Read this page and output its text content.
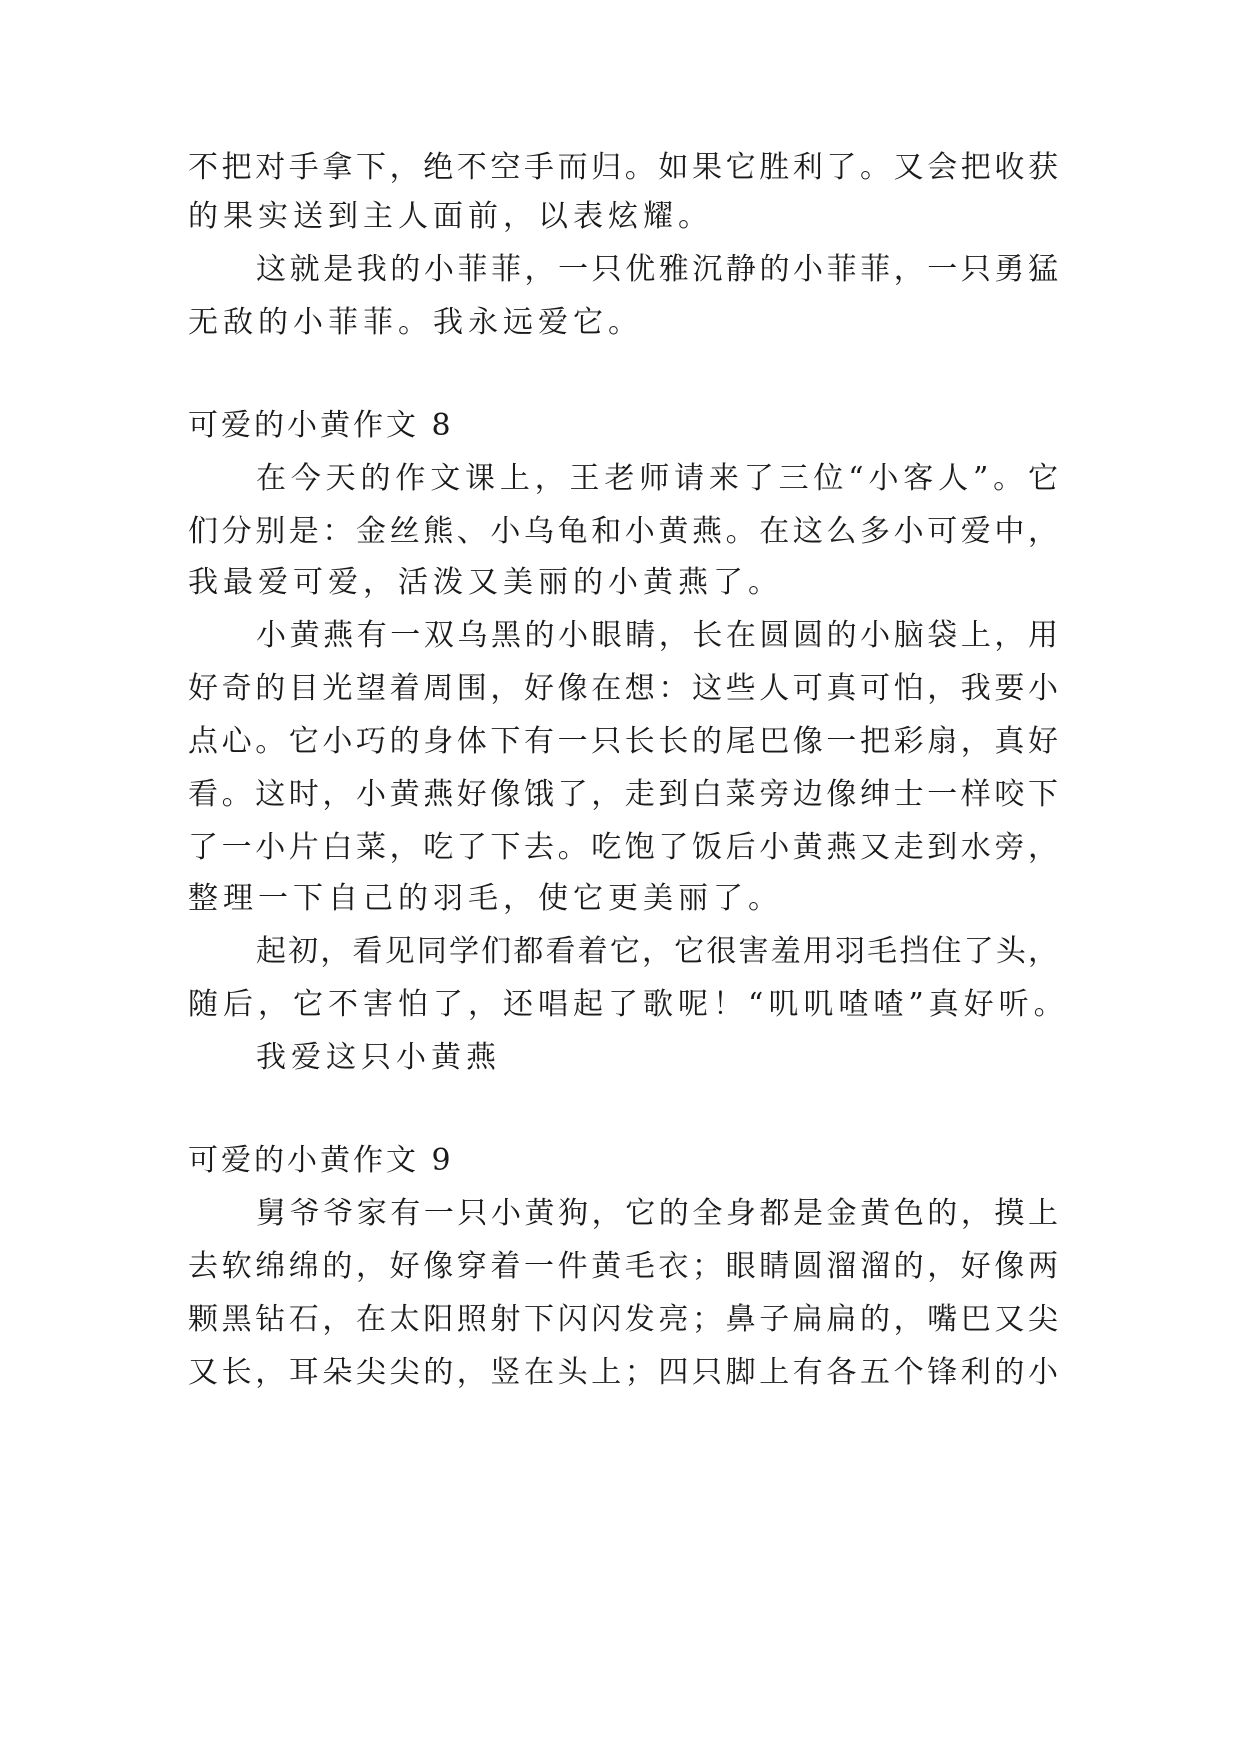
不把对手拿下，绝不空手而归。如果它胜利了。又会把收获
的果实送到主人面前，以表炫耀。
这就是我的小菲菲，一只优雅沉静的小菲菲，一只勇猛
无敌的小菲菲。我永远爱它。
可爱的小黄作文 8
在今天的作文课上，王老师请来了三位“小客人”。它
们分别是：金丝熊、小乌龟和小黄燕。在这么多小可爱中，
我最爱可爱，活泼又美丽的小黄燕了。
小黄燕有一双乌黑的小眼睛，长在圆圆的小脑袋上，用
好奇的目光望着周围，好像在想：这些人可真可怕，我要小
点心。它小巧的身体下有一只长长的尾巴像一把彩扇，真好
看。这时，小黄燕好像饿了，走到白菜旁边像绅士一样咬下
了一小片白菜，吃了下去。吃饱了饭后小黄燕又走到水旁，
整理一下自己的羽毛，使它更美丽了。
起初，看见同学们都看着它，它很害羞用羽毛挡住了头，
随后，它不害怕了，还唱起了歌呢！“叽叽喳喳”真好听。
我爱这只小黄燕
可爱的小黄作文 9
舅爷爷家有一只小黄狗，它的全身都是金黄色的，摸上
去软绵绵的，好像穿着一件黄毛衣；眼睛圆溜溜的，好像两
颗黑钻石，在太阳照射下闪闪发亮；鼻子扁扁的，嘴巴又尖
又长，耳朵尖尖的，竖在头上；四只脚上有各五个锋利的小
